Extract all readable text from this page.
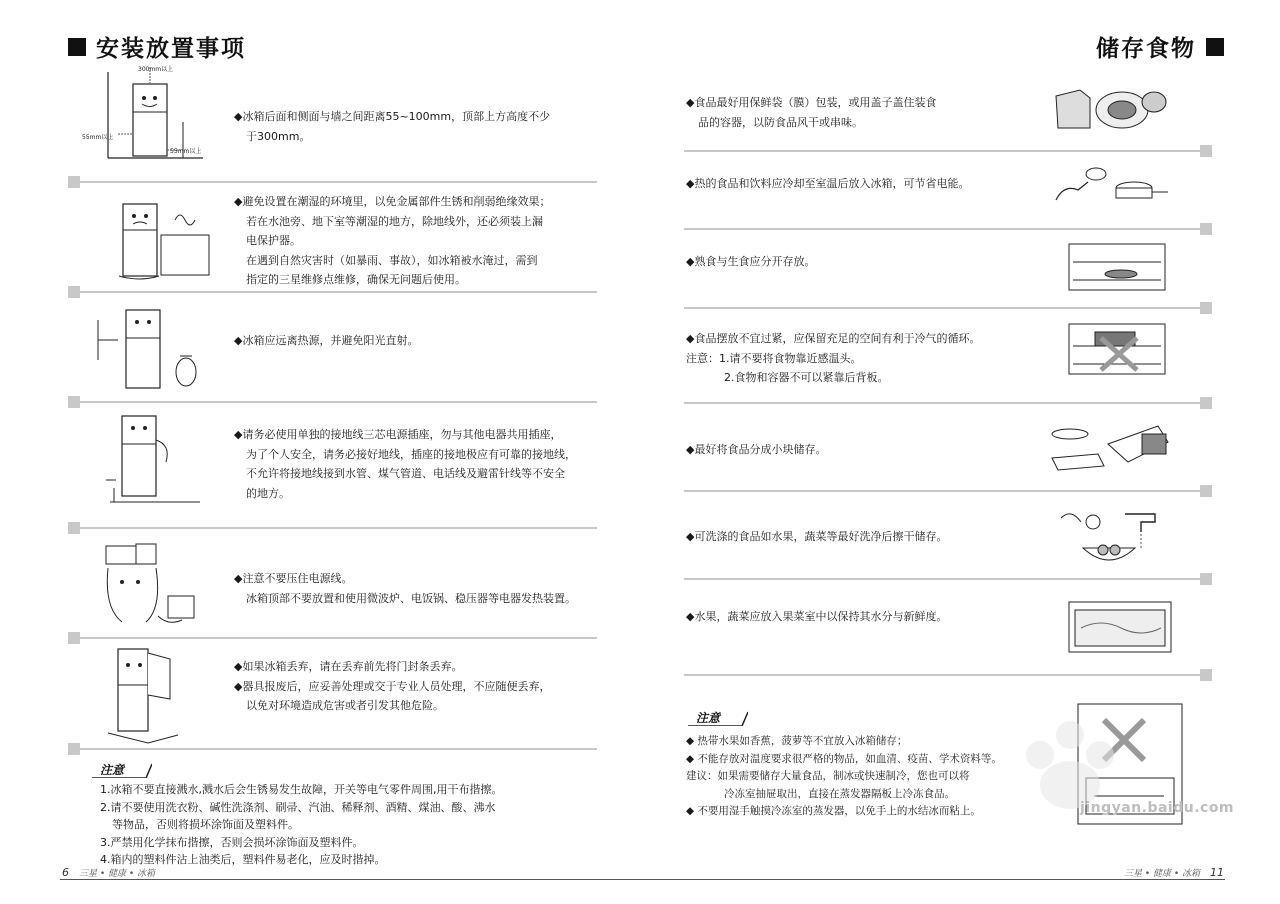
安装放置事项
300mm以上
55mm以上
55mm以上

◆冰箱后面和侧面与墙之间距离55~100mm，顶部上方高度不少

于300mm。

◆避免设置在潮湿的环境里，以免金属部件生锈和削弱绝缘效果；

若在水池旁、地下室等潮湿的地方，除地线外，还必须装上漏

电保护器。

在遇到自然灾害时（如暴雨、事故），如冰箱被水淹过，需到

指定的三星维修点维修，确保无问题后使用。

◆冰箱应远离热源，并避免阳光直射。

◆请务必使用单独的接地线三芯电源插座，勿与其他电器共用插座，

为了个人安全，请务必接好地线，插座的接地极应有可靠的接地线，

不允许将接地线接到水管、煤气管道、电话线及避雷针线等不安全

的地方。

◆注意不要压住电源线。

冰箱顶部不要放置和使用微波炉、电饭锅、稳压器等电器发热装置。

◆如果冰箱丢弃，请在丢弃前先将门封条丢弃。

◆器具报废后，应妥善处理或交于专业人员处理，不应随便丢弃，

以免对环境造成危害或者引发其他危险。

注意

1.冰箱不要直接溅水,溅水后会生锈易发生故障，开关等电气零件周围,用干布揩擦。

2.请不要使用洗衣粉、碱性洗涤剂、刷帚、汽油、稀释剂、酒精、煤油、酸、沸水

等物品，否则将损坏涂饰面及塑料件。

3.严禁用化学抹布揩擦，否则会损坏涂饰面及塑料件。

4.箱内的塑料件沾上油类后，塑料件易老化，应及时揩掉。

6 三星 • 健康 • 冰箱
储存食物

◆食品最好用保鲜袋（膜）包装，或用盖子盖住装食

品的容器，以防食品风干或串味。

◆热的食品和饮料应冷却至室温后放入冰箱，可节省电能。

◆熟食与生食应分开存放。

◆食品摆放不宜过紧，应保留充足的空间有利于冷气的循环。

注意：1.请不要将食物靠近感温头。

2.食物和容器不可以紧靠后背板。

◆最好将食品分成小块储存。

◆可洗涤的食品如水果，蔬菜等最好洗净后擦干储存。

◆水果，蔬菜应放入果菜室中以保持其水分与新鲜度。

注意

◆ 热带水果如香蕉，菠萝等不宜放入冰箱储存；

◆ 不能存放对温度要求很严格的物品，如血清、疫苗、学术资料等。

建议：如果需要储存大量食品，制冰或快速制冷，您也可以将

冷冻室抽屉取出，直接在蒸发器隔板上冷冻食品。

◆ 不要用湿手触摸冷冻室的蒸发器，以免手上的水结冰而粘上。

三星 • 健康 • 冰箱 11
jingyan.baidu.com
